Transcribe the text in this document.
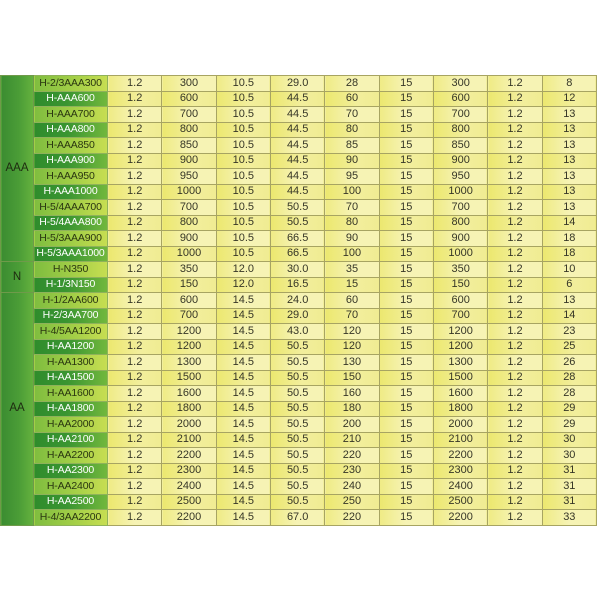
AAA	H-2/3AAA300	1.2	300	10.5	29.0	28	15	300	1.2	8
	H-AAA600	1.2	600	10.5	44.5	60	15	600	1.2	12
	H-AAA700	1.2	700	10.5	44.5	70	15	700	1.2	13
	H-AAA800	1.2	800	10.5	44.5	80	15	800	1.2	13
	H-AAA850	1.2	850	10.5	44.5	85	15	850	1.2	13
	H-AAA900	1.2	900	10.5	44.5	90	15	900	1.2	13
	H-AAA950	1.2	950	10.5	44.5	95	15	950	1.2	13
	H-AAA1000	1.2	1000	10.5	44.5	100	15	1000	1.2	13
	H-5/4AAA700	1.2	700	10.5	50.5	70	15	700	1.2	13
	H-5/4AAA800	1.2	800	10.5	50.5	80	15	800	1.2	14
	H-5/3AAA900	1.2	900	10.5	66.5	90	15	900	1.2	18
	H-5/3AAA1000	1.2	1000	10.5	66.5	100	15	1000	1.2	18
N	H-N350	1.2	350	12.0	30.0	35	15	350	1.2	10
	H-1/3N150	1.2	150	12.0	16.5	15	15	150	1.2	6
AA	H-1/2AA600	1.2	600	14.5	24.0	60	15	600	1.2	13
	H-2/3AA700	1.2	700	14.5	29.0	70	15	700	1.2	14
	H-4/5AA1200	1.2	1200	14.5	43.0	120	15	1200	1.2	23
	H-AA1200	1.2	1200	14.5	50.5	120	15	1200	1.2	25
	H-AA1300	1.2	1300	14.5	50.5	130	15	1300	1.2	26
	H-AA1500	1.2	1500	14.5	50.5	150	15	1500	1.2	28
	H-AA1600	1.2	1600	14.5	50.5	160	15	1600	1.2	28
	H-AA1800	1.2	1800	14.5	50.5	180	15	1800	1.2	29
	H-AA2000	1.2	2000	14.5	50.5	200	15	2000	1.2	29
	H-AA2100	1.2	2100	14.5	50.5	210	15	2100	1.2	30
	H-AA2200	1.2	2200	14.5	50.5	220	15	2200	1.2	30
	H-AA2300	1.2	2300	14.5	50.5	230	15	2300	1.2	31
	H-AA2400	1.2	2400	14.5	50.5	240	15	2400	1.2	31
	H-AA2500	1.2	2500	14.5	50.5	250	15	2500	1.2	31
	H-4/3AA2200	1.2	2200	14.5	67.0	220	15	2200	1.2	33
